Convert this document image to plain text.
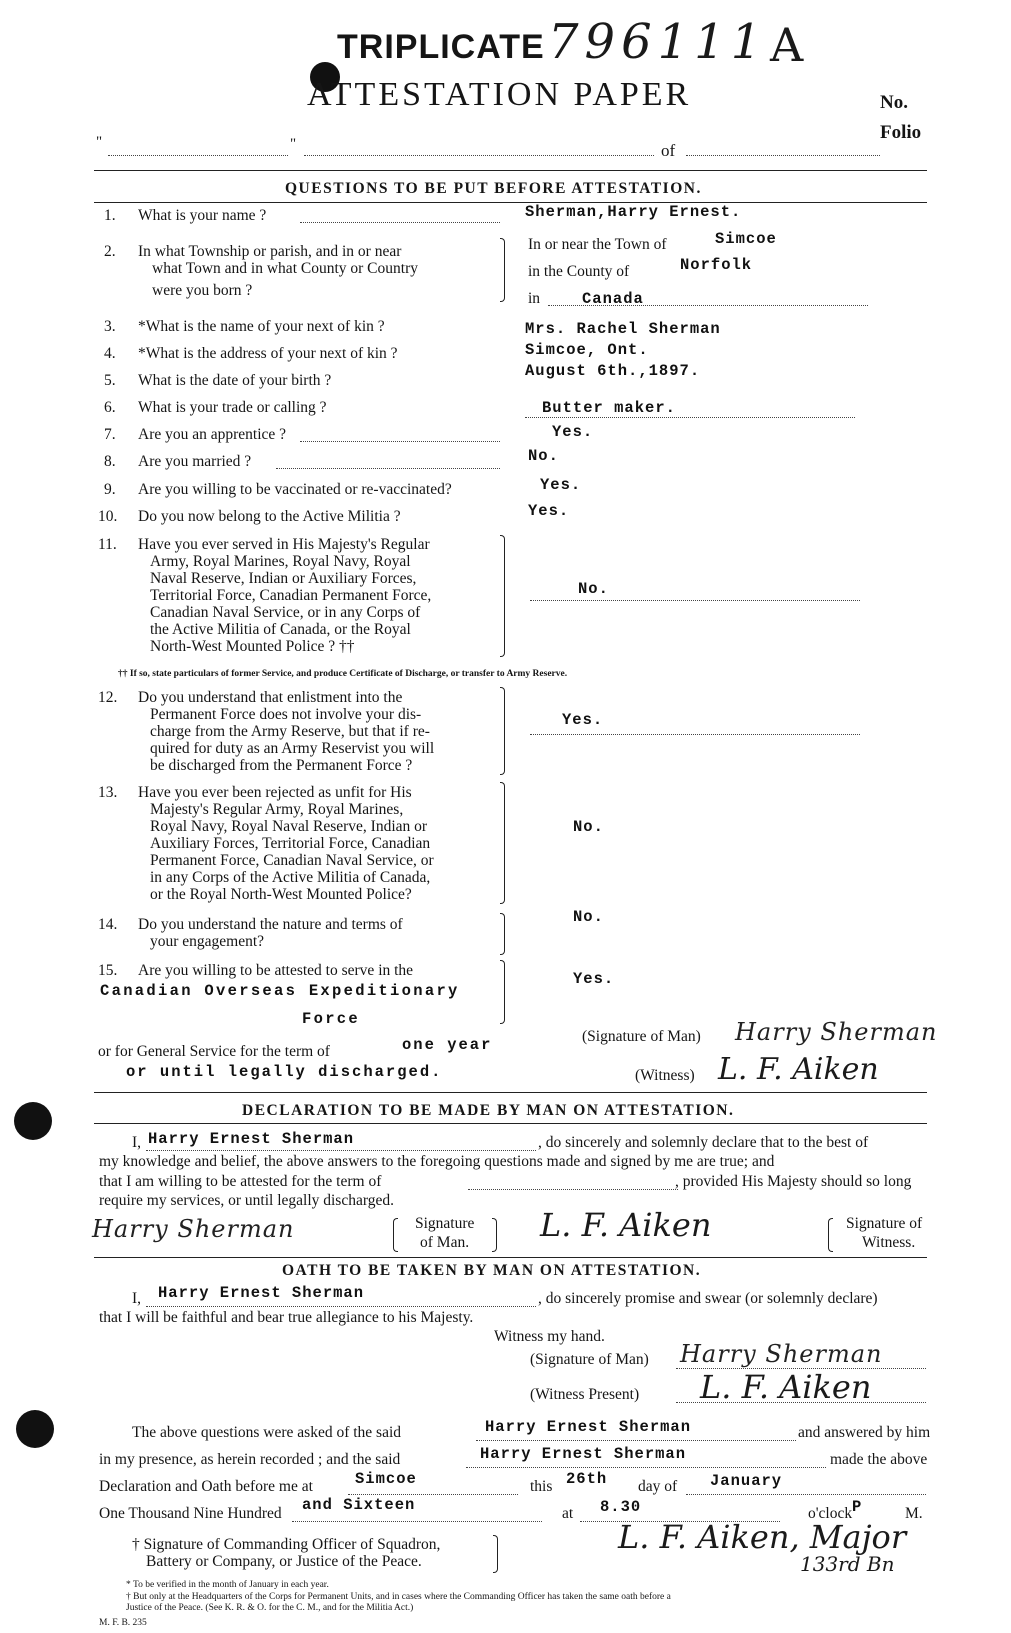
TRIPLICATE 796111 A
ATTESTATION PAPER	No.
Folio
"	"	of
QUESTIONS TO BE PUT BEFORE ATTESTATION.
1. What is your name ?	Sherman,Harry Ernest.
2. In what Township or parish, and in or near
what Town and in what County or Country
were you born ?
In or near the Town of	Simcoe
in the County of	Norfolk
in	Canada
3. *What is the name of your next of kin ?	Mrs. Rachel Sherman
4. *What is the address of your next of kin ?	Simcoe, Ont.
5. What is the date of your birth ?
August 6th.,1897.
6. What is your trade or calling ?	Butter maker.
7. Are you an apprentice ?	Yes.
8. Are you married ?	No.
9. Are you willing to be vaccinated or re-vaccinated?	Yes.
10. Do you now belong to the Active Militia ?	Yes.
11. Have you ever served in His Majesty's Regular
Army, Royal Marines, Royal Navy, Royal
Naval Reserve, Indian or Auxiliary Forces,
Territorial Force, Canadian Permanent Force,
Canadian Naval Service, or in any Corps of
the Active Militia of Canada, or the Royal
North-West Mounted Police ? ††
No.
†† If so, state particulars of former Service, and produce Certificate of Discharge, or transfer to Army Reserve.
12. Do you understand that enlistment into the
Permanent Force does not involve your dis-
charge from the Army Reserve, but that if re-
quired for duty as an Army Reservist you will
be discharged from the Permanent Force ?
Yes.
13. Have you ever been rejected as unfit for His
Majesty's Regular Army, Royal Marines,
Royal Navy, Royal Naval Reserve, Indian or
Auxiliary Forces, Territorial Force, Canadian
Permanent Force, Canadian Naval Service, or
in any Corps of the Active Militia of Canada,
or the Royal North-West Mounted Police?
No.
14. Do you understand the nature and terms of
your engagement?
No.
15. Are you willing to be attested to serve in the
Canadian Overseas Expeditionary
Force
Yes.
or for General Service for the term of	one year
or until legally discharged.
(Signature of Man) Harry Sherman
(Witness) L. F. Aiken
DECLARATION TO BE MADE BY MAN ON ATTESTATION.
I, Harry Ernest Sherman	, do sincerely and solemnly declare that to the best of
my knowledge and belief, the above answers to the foregoing questions made and signed by me are true; and
that I am willing to be attested for the term of	, provided His Majesty should so long
require my services, or until legally discharged.
Harry Sherman	Signature
of Man. L. F. Aiken	Signature of
Witness.
OATH TO BE TAKEN BY MAN ON ATTESTATION.
I, Harry Ernest Sherman	, do sincerely promise and swear (or solemnly declare)
that I will be faithful and bear true allegiance to his Majesty.
Witness my hand.
(Signature of Man) Harry Sherman
(Witness Present) L. F. Aiken
The above questions were asked of the said	Harry Ernest Sherman	and answered by him
in my presence, as herein recorded ; and the said	Harry Ernest Sherman	made the above
Declaration and Oath before me at	Simcoe	this 26th day of January
One Thousand Nine Hundred and Sixteen	at 8.30	o'clock P	M.
† Signature of Commanding Officer of Squadron,
Battery or Company, or Justice of the Peace.
L. F. Aiken, Major
133rd Bn
* To be verified in the month of January in each year.
† But only at the Headquarters of the Corps for Permanent Units, and in cases where the Commanding Officer has taken the same oath before a
Justice of the Peace. (See K. R. & O. for the C. M., and for the Militia Act.)
M. F. B. 235
